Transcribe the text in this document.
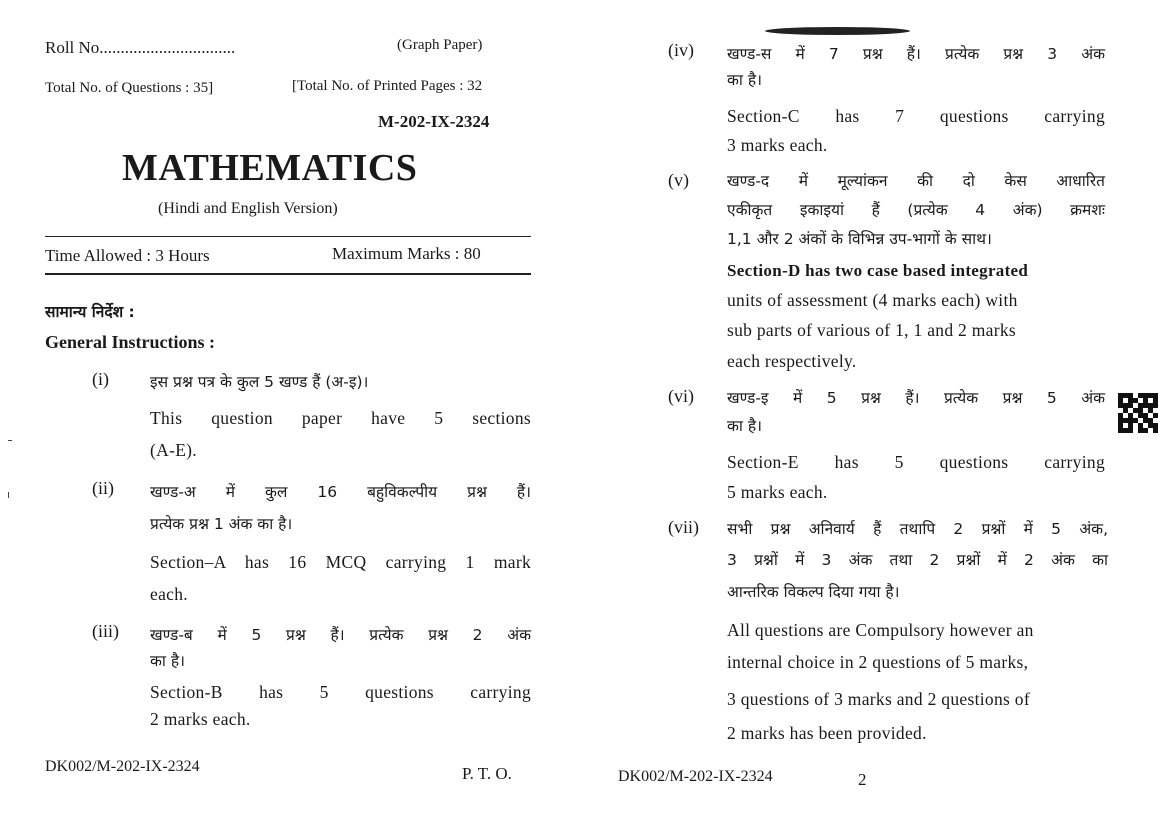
Roll No................................	(Graph Paper)
Total No. of Questions : 35]	[Total No. of Printed Pages : 32
M-202-IX-2324
MATHEMATICS
(Hindi and English Version)
Time Allowed : 3 Hours	Maximum Marks : 80
सामान्य निर्देश :
General Instructions :
(i)	इस प्रश्न पत्र के कुल 5 खण्ड हैं (अ-इ)।
This question paper have 5 sections
(A-E).
(ii) खण्ड-अ में कुल 16 बहुविकल्पीय प्रश्न हैं।
प्रत्येक प्रश्न 1 अंक का है।
Section–A has 16 MCQ carrying 1 mark
each.
(iii) खण्ड-ब में 5 प्रश्न हैं। प्रत्येक प्रश्न 2 अंक
का है।
Section-B has 5 questions carrying
2 marks each.
DK002/M-202-IX-2324	P. T. O.
(iv) खण्ड-स में 7 प्रश्न हैं। प्रत्येक प्रश्न 3 अंक
का है।
Section-C has 7 questions carrying
3 marks each.
(v) खण्ड-द में मूल्यांकन की दो केस आधारित
एकीकृत इकाइयां हैं (प्रत्येक 4 अंक) क्रमशः
1,1 और 2 अंकों के विभिन्न उप-भागों के साथ।
Section-D has two case based integrated
units of assessment (4 marks each) with
sub parts of various of 1, 1 and 2 marks
each respectively.
(vi) खण्ड-इ में 5 प्रश्न हैं। प्रत्येक प्रश्न 5 अंक
का है।
Section-E has 5 questions carrying
5 marks each.
(vii) सभी प्रश्न अनिवार्य हैं तथापि 2 प्रश्नों में 5 अंक,
3 प्रश्नों में 3 अंक तथा 2 प्रश्नों में 2 अंक का
आन्तरिक विकल्प दिया गया है।
All questions are Compulsory however an
internal choice in 2 questions of 5 marks,
3 questions of 3 marks and 2 questions of
2 marks has been provided.
DK002/M-202-IX-2324	2
